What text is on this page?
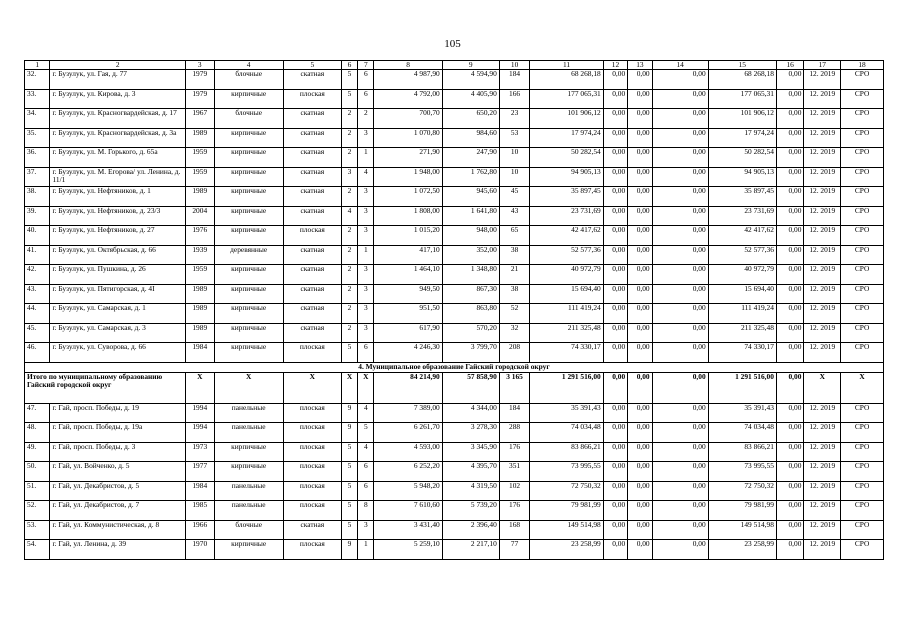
105
1	2	3	4	5	6	7	8	9	10	11	12	13	14	15	16	17	18
32.	г. Бузулук, ул. Гая, д. 77	1979	блочные	скатная	5	6	4 987,90	4 594,90	184	68 268,18	0,00	0,00	0,00	68 268,18	0,00	12. 2019	СРО
33.	г. Бузулук, ул. Кирова, д. 3	1979	кирпичные	плоская	5	6	4 792,00	4 405,90	166	177 065,31	0,00	0,00	0,00	177 065,31	0,00	12. 2019	СРО
34.	г. Бузулук, ул. Красногвардейская, д. 17	1967	блочные	скатная	2	2	700,70	650,20	23	101 906,12	0,00	0,00	0,00	101 906,12	0,00	12. 2019	СРО
35.	г. Бузулук, ул. Красногвардейская, д. 3а	1989	кирпичные	скатная	2	3	1 070,80	984,60	53	17 974,24	0,00	0,00	0,00	17 974,24	0,00	12. 2019	СРО
36.	г. Бузулук, ул. М. Горького, д. 65а	1959	кирпичные	скатная	2	1	271,90	247,90	10	50 282,54	0,00	0,00	0,00	50 282,54	0,00	12. 2019	СРО
37.	г. Бузулук, ул. М. Егорова/ ул. Ленина, д. 11/1	1959	кирпичные	скатная	3	4	1 948,00	1 762,80	10	94 905,13	0,00	0,00	0,00	94 905,13	0,00	12. 2019	СРО
38.	г. Бузулук, ул. Нефтяников, д. 1	1989	кирпичные	скатная	2	3	1 072,50	945,60	45	35 897,45	0,00	0,00	0,00	35 897,45	0,00	12. 2019	СРО
39.	г. Бузулук, ул. Нефтяников, д. 23/3	2004	кирпичные	скатная	4	3	1 808,00	1 641,80	43	23 731,69	0,00	0,00	0,00	23 731,69	0,00	12. 2019	СРО
40.	г. Бузулук, ул. Нефтяников, д. 27	1976	кирпичные	плоская	2	3	1 015,20	948,00	65	42 417,62	0,00	0,00	0,00	42 417,62	0,00	12. 2019	СРО
41.	г. Бузулук, ул. Октябрьская, д. 66	1939	деревянные	скатная	2	1	417,10	352,00	38	52 577,36	0,00	0,00	0,00	52 577,36	0,00	12. 2019	СРО
42.	г. Бузулук, ул. Пушкина, д. 26	1959	кирпичные	скатная	2	3	1 464,10	1 348,80	21	40 972,79	0,00	0,00	0,00	40 972,79	0,00	12. 2019	СРО
43.	г. Бузулук, ул. Пятигорская, д. 4I	1989	кирпичные	скатная	2	3	949,50	867,30	38	15 694,40	0,00	0,00	0,00	15 694,40	0,00	12. 2019	СРО
44.	г. Бузулук, ул. Самарская, д. 1	1989	кирпичные	скатная	2	3	951,50	863,80	52	111 419,24	0,00	0,00	0,00	111 419,24	0,00	12. 2019	СРО
45.	г. Бузулук, ул. Самарская, д. 3	1989	кирпичные	скатная	2	3	617,90	570,20	32	211 325,48	0,00	0,00	0,00	211 325,48	0,00	12. 2019	СРО
46.	г. Бузулук, ул. Суворова, д. 66	1984	кирпичные	плоская	5	6	4 246,30	3 799,70	208	74 330,17	0,00	0,00	0,00	74 330,17	0,00	12. 2019	СРО
4. Муниципальное образование Гайский городской округ																	
Итого по муниципальному образованию Гайский городской округ		X	X	X	X	X	84 214,90	57 858,90	3 165	1 291 516,00	0,00	0,00	0,00	1 291 516,00	0,00	X	X
47.	г. Гай, просп. Победы, д. 19	1994	панельные	плоская	9	4	7 389,00	4 344,00	184	35 391,43	0,00	0,00	0,00	35 391,43	0,00	12. 2019	СРО
48.	г. Гай, просп. Победы, д. 19а	1994	панельные	плоская	9	5	6 261,70	3 278,30	288	74 034,48	0,00	0,00	0,00	74 034,48	0,00	12. 2019	СРО
49.	г. Гай, просп. Победы, д. 3	1973	кирпичные	плоская	5	4	4 593,00	3 345,90	176	83 866,21	0,00	0,00	0,00	83 866,21	0,00	12. 2019	СРО
50.	г. Гай, ул. Войченко, д. 5	1977	кирпичные	плоская	5	6	6 252,20	4 395,70	351	73 995,55	0,00	0,00	0,00	73 995,55	0,00	12. 2019	СРО
51.	г. Гай, ул. Декабристов, д. 5	1984	панельные	плоская	5	6	5 948,20	4 319,50	102	72 750,32	0,00	0,00	0,00	72 750,32	0,00	12. 2019	СРО
52.	г. Гай, ул. Декабристов, д. 7	1985	панельные	плоская	5	8	7 610,60	5 739,20	176	79 981,99	0,00	0,00	0,00	79 981,99	0,00	12. 2019	СРО
53.	г. Гай, ул. Коммунистическая, д. 8	1966	блочные	скатная	5	3	3 431,40	2 396,40	168	149 514,98	0,00	0,00	0,00	149 514,98	0,00	12. 2019	СРО
54.	г. Гай, ул. Ленина, д. 39	1970	кирпичные	плоская	9	1	5 259,10	2 217,10	77	23 258,99	0,00	0,00	0,00	23 258,99	0,00	12. 2019	СРО
